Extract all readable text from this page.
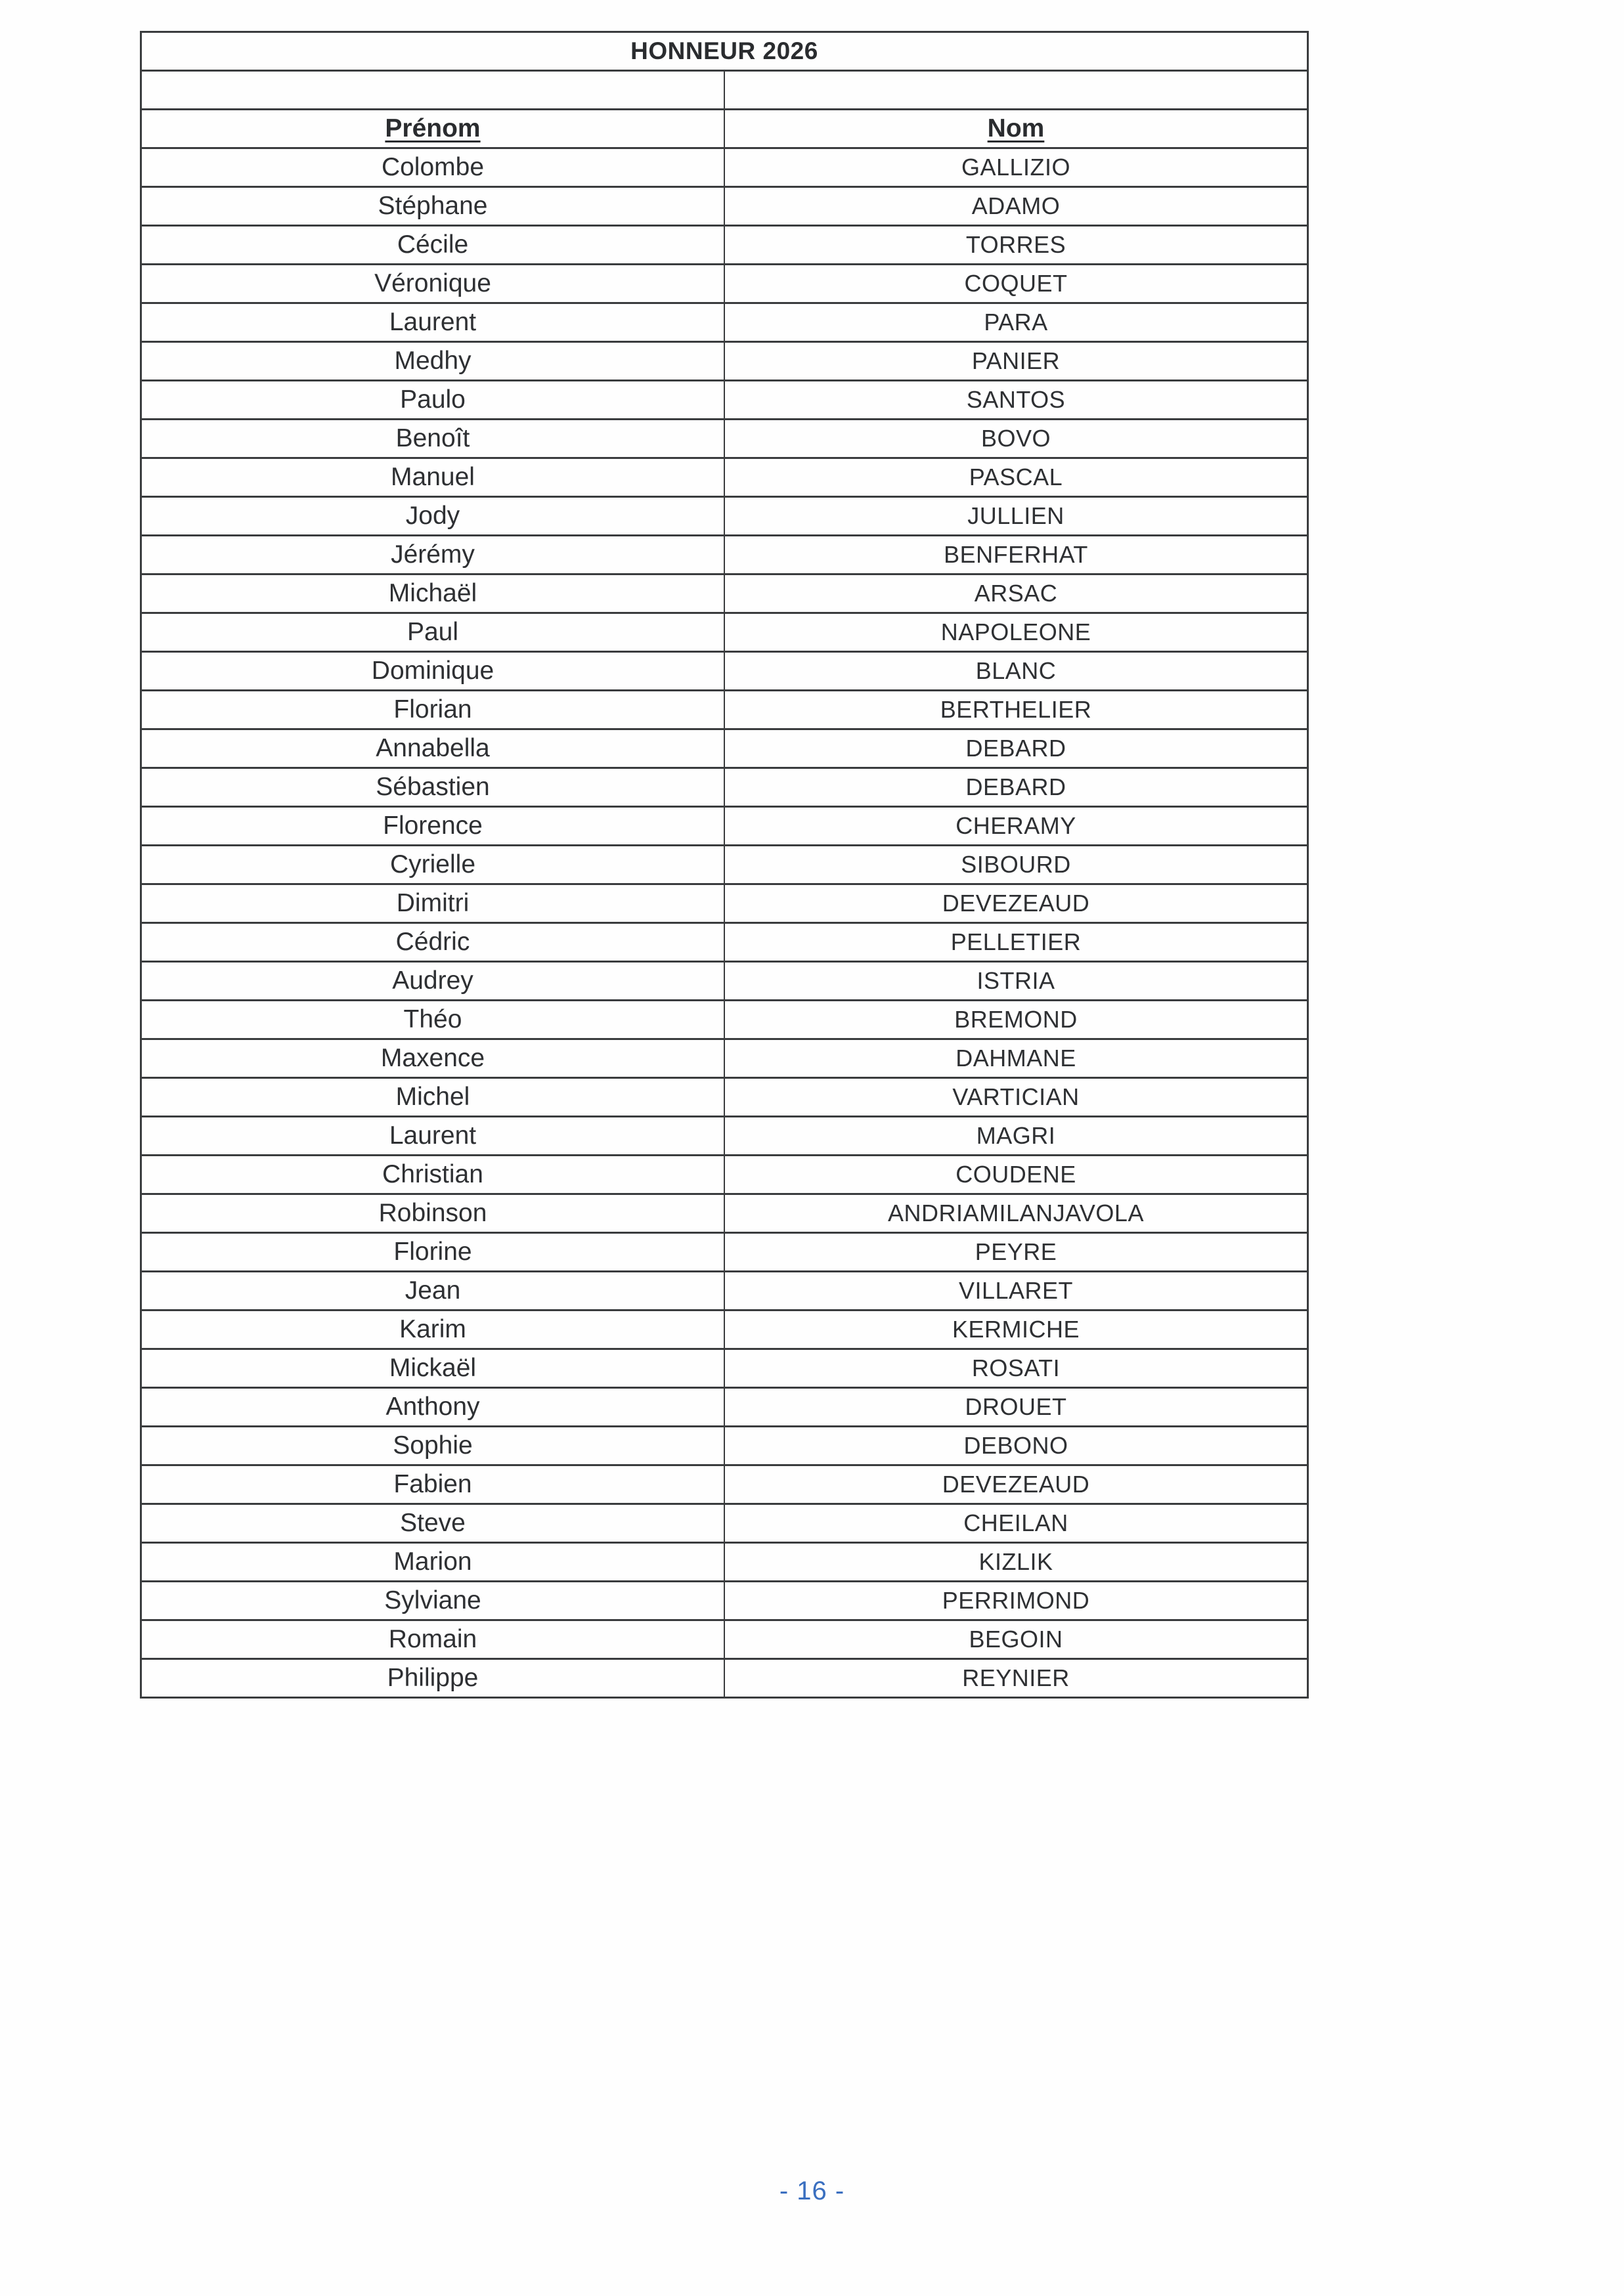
HONNEUR 2026	

Prénom	Nom
Colombe	GALLIZIO
Stéphane	ADAMO
Cécile	TORRES
Véronique	COQUET
Laurent	PARA
Medhy	PANIER
Paulo	SANTOS
Benoît	BOVO
Manuel	PASCAL
Jody	JULLIEN
Jérémy	BENFERHAT
Michaël	ARSAC
Paul	NAPOLEONE
Dominique	BLANC
Florian	BERTHELIER
Annabella	DEBARD
Sébastien	DEBARD
Florence	CHERAMY
Cyrielle	SIBOURD
Dimitri	DEVEZEAUD
Cédric	PELLETIER
Audrey	ISTRIA
Théo	BREMOND
Maxence	DAHMANE
Michel	VARTICIAN
Laurent	MAGRI
Christian	COUDENE
Robinson	ANDRIAMILANJAVOLA
Florine	PEYRE
Jean	VILLARET
Karim	KERMICHE
Mickaël	ROSATI
Anthony	DROUET
Sophie	DEBONO
Fabien	DEVEZEAUD
Steve	CHEILAN
Marion	KIZLIK
Sylviane	PERRIMOND
Romain	BEGOIN
Philippe	REYNIER
- 16 -
